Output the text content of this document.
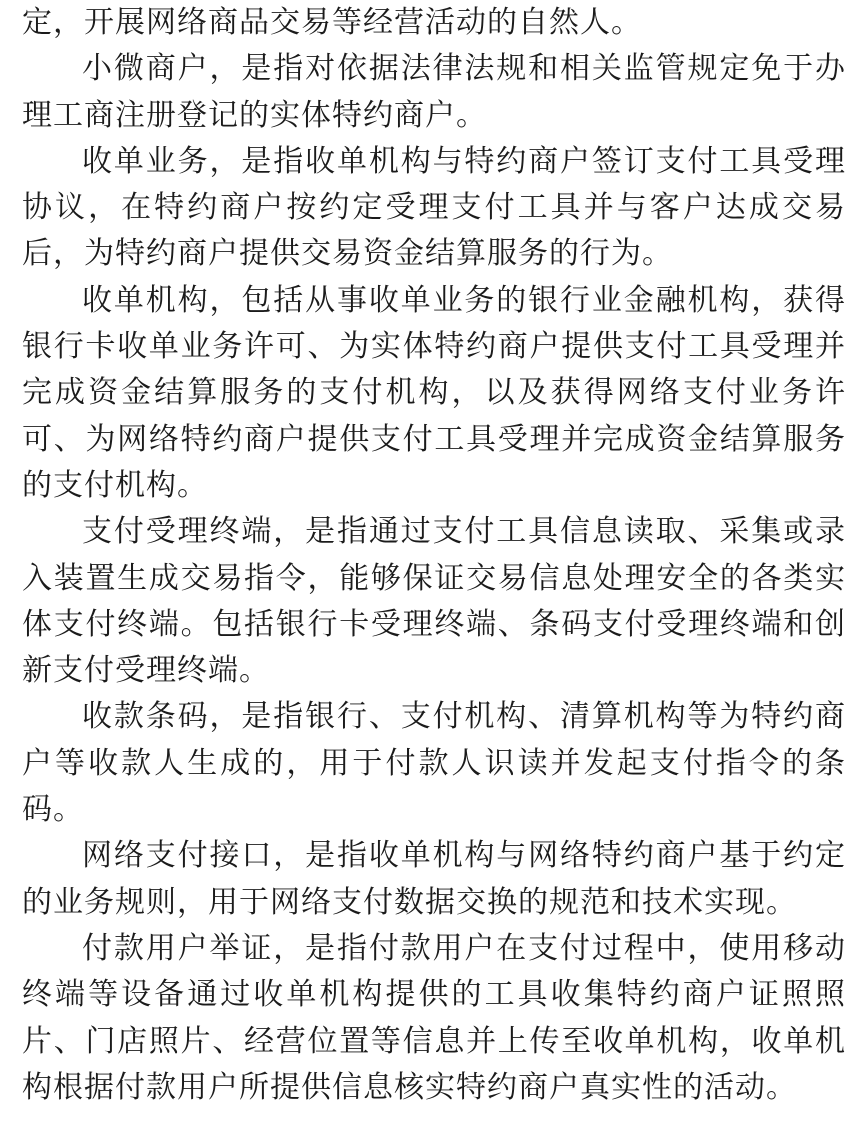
定，开展网络商品交易等经营活动的自然人。

小微商户，是指对依据法律法规和相关监管规定免于办理工商注册登记的实体特约商户。

收单业务，是指收单机构与特约商户签订支付工具受理协议，在特约商户按约定受理支付工具并与客户达成交易后，为特约商户提供交易资金结算服务的行为。

收单机构，包括从事收单业务的银行业金融机构，获得银行卡收单业务许可、为实体特约商户提供支付工具受理并完成资金结算服务的支付机构，以及获得网络支付业务许可、为网络特约商户提供支付工具受理并完成资金结算服务的支付机构。

支付受理终端，是指通过支付工具信息读取、采集或录入装置生成交易指令，能够保证交易信息处理安全的各类实体支付终端。包括银行卡受理终端、条码支付受理终端和创新支付受理终端。

收款条码，是指银行、支付机构、清算机构等为特约商户等收款人生成的，用于付款人识读并发起支付指令的条码。

网络支付接口，是指收单机构与网络特约商户基于约定的业务规则，用于网络支付数据交换的规范和技术实现。

付款用户举证，是指付款用户在支付过程中，使用移动终端等设备通过收单机构提供的工具收集特约商户证照照片、门店照片、经营位置等信息并上传至收单机构，收单机构根据付款用户所提供信息核实特约商户真实性的活动。
